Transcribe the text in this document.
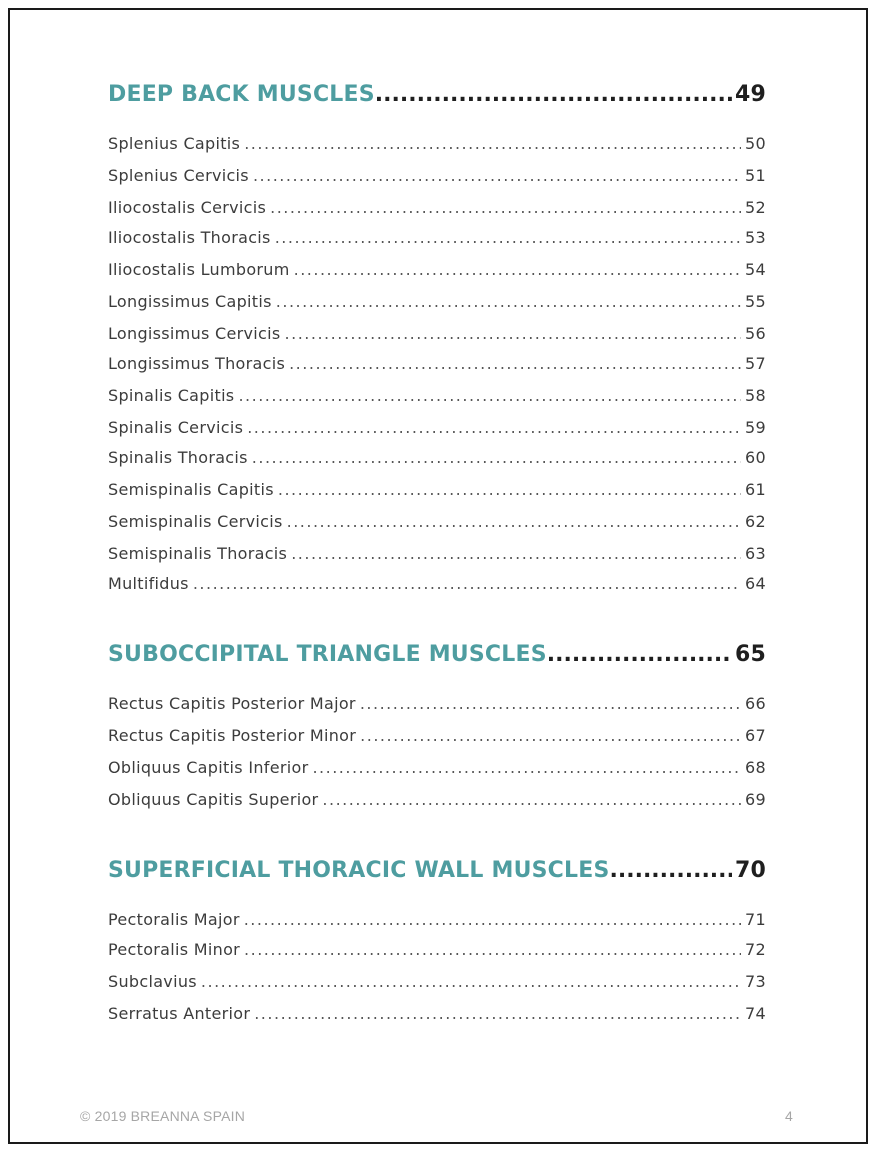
DEEP BACK MUSCLES .....	49
Splenius Capitis .....	50
Splenius Cervicis .....	51
Iliocostalis Cervicis .....	52
Iliocostalis Thoracis .....	53
Iliocostalis Lumborum .....	54
Longissimus Capitis .....	55
Longissimus Cervicis .....	56
Longissimus Thoracis .....	57
Spinalis Capitis .....	58
Spinalis Cervicis .....	59
Spinalis Thoracis .....	60
Semispinalis Capitis .....	61
Semispinalis Cervicis .....	62
Semispinalis Thoracis .....	63
Multifidus .....	64
SUBOCCIPITAL TRIANGLE MUSCLES .....	65
Rectus Capitis Posterior Major .....	66
Rectus Capitis Posterior Minor .....	67
Obliquus Capitis Inferior .....	68
Obliquus Capitis Superior .....	69
SUPERFICIAL THORACIC WALL MUSCLES .....	70
Pectoralis Major .....	71
Pectoralis Minor .....	72
Subclavius .....	73
Serratus Anterior .....	74
© 2019 BREANNA SPAIN	4
